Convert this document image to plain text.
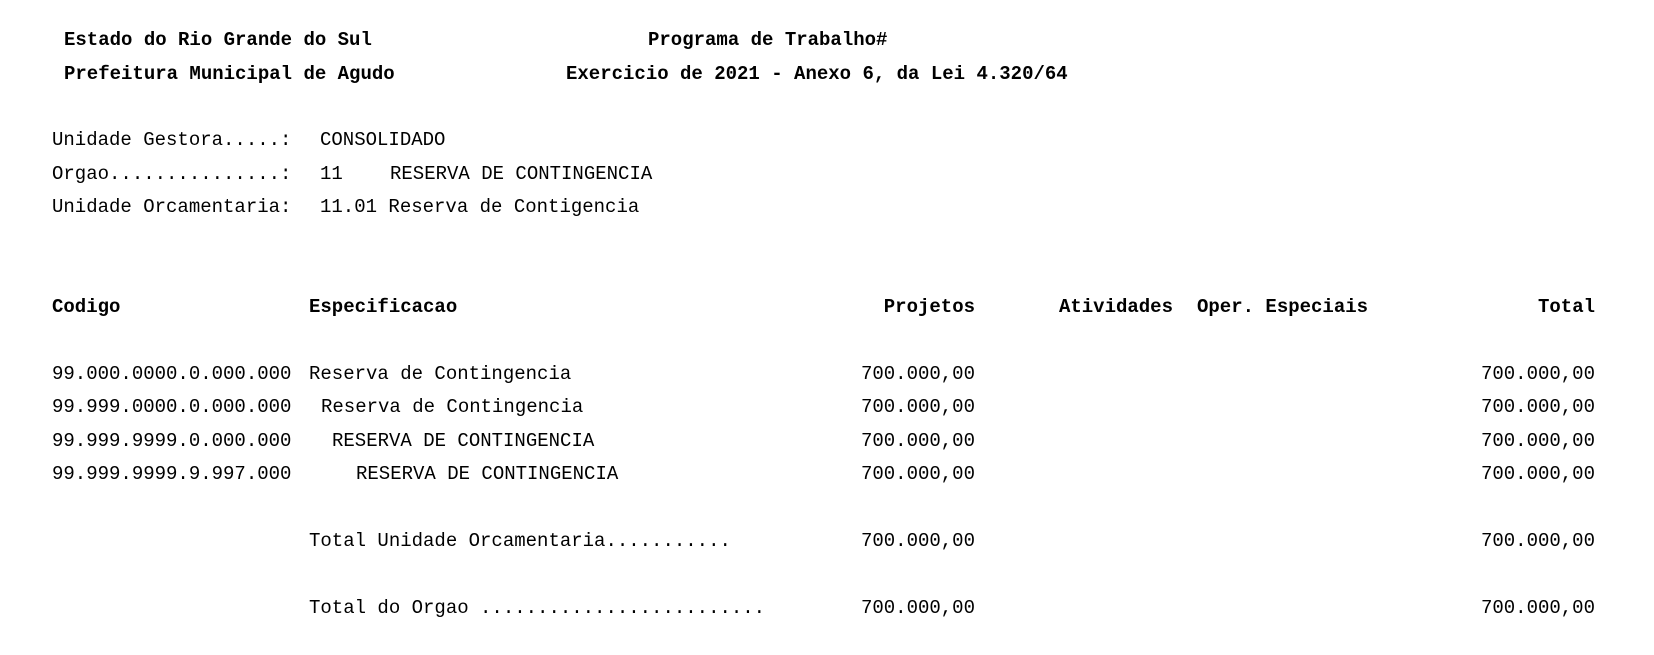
Estado do Rio Grande do Sul
Prefeitura Municipal de Agudo
Programa de Trabalho#
Exercicio de 2021 - Anexo 6, da Lei 4.320/64
Unidade Gestora.....: CONSOLIDADO
Orgao...............: 11 RESERVA DE CONTINGENCIA
Unidade Orcamentaria: 11.01 Reserva de Contigencia
Codigo	Especificacao	Projetos	Atividades Oper. Especiais	Total
99.000.0000.0.000.000 Reserva de Contingencia	700.000,00	700.000,00
99.999.0000.0.000.000 Reserva de Contingencia	700.000,00	700.000,00
99.999.9999.0.000.000 RESERVA DE CONTINGENCIA	700.000,00	700.000,00
99.999.9999.9.997.000	RESERVA DE CONTINGENCIA	700.000,00	700.000,00
Total Unidade Orcamentaria...........	700.000,00	700.000,00
Total do Orgao .........................	700.000,00	700.000,00
